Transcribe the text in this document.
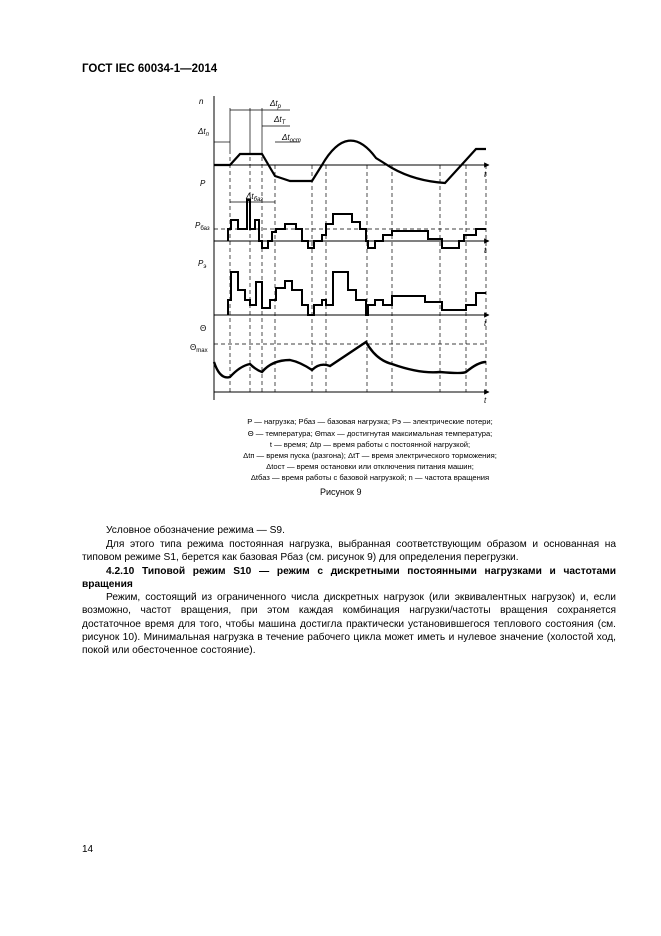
ГОСТ IEC 60034-1—2014
n
t
t
t
t
P
$P_{баз}$
$P_э$
Θ
$\Theta_{max}$
$\Delta t_р$
$\Delta t_T$
$\Delta t_{ост}$
$\Delta t_п$
$\Delta t_{баз}$
P — нагрузка; Pбаз — базовая нагрузка; Pэ — электрические потери;
Θ — температура; Θmax — достигнутая максимальная температура;
t — время; Δtр — время работы с постоянной нагрузкой;
Δtп — время пуска (разгона); ΔtT — время электрического торможения;
Δtост — время остановки или отключения питания машин;
Δtбаз — время работы с базовой нагрузкой; n — частота вращения
Рисунок 9
Условное обозначение режима — S9.
Для этого типа режима постоянная нагрузка, выбранная соответствующим образом и основанная на типовом режиме S1, берется как базовая Pбаз (см. рисунок 9) для определения перегрузки.
4.2.10 Типовой режим S10 — режим с дискретными постоянными нагрузками и частотами вращения
Режим, состоящий из ограниченного числа дискретных нагрузок (или эквивалентных нагрузок) и, если возможно, частот вращения, при этом каждая комбинация нагрузки/частоты вращения сохраняется достаточное время для того, чтобы машина достигла практически установившегося теплового состояния (см. рисунок 10). Минимальная нагрузка в течение рабочего цикла может иметь и нулевое значение (холостой ход, покой или обесточенное состояние).
14
